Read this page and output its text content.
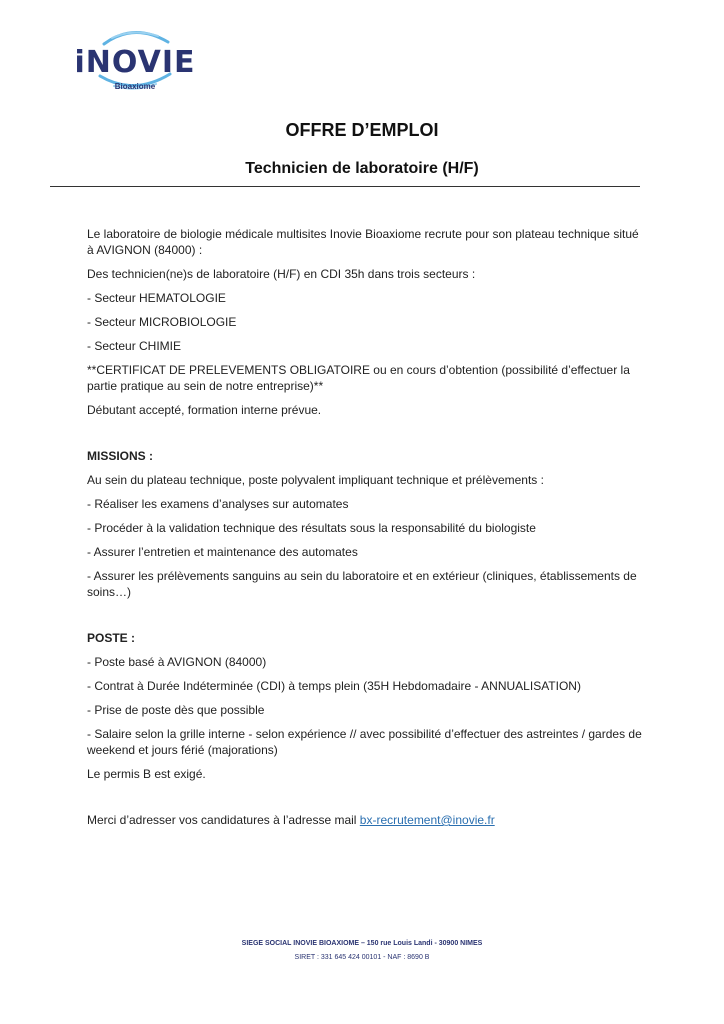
iNOVIE
Bioaxiome
OFFRE D’EMPLOI
Technicien de laboratoire (H/F)

Le laboratoire de biologie médicale multisites Inovie Bioaxiome recrute pour son plateau technique situé à AVIGNON (84000) :

Des technicien(ne)s de laboratoire (H/F) en CDI 35h dans trois secteurs :

- Secteur HEMATOLOGIE

- Secteur MICROBIOLOGIE

- Secteur CHIMIE

**CERTIFICAT DE PRELEVEMENTS OBLIGATOIRE ou en cours d’obtention (possibilité d’effectuer la partie pratique au sein de notre entreprise)**

Débutant accepté, formation interne prévue.

MISSIONS :

Au sein du plateau technique, poste polyvalent impliquant technique et prélèvements :

- Réaliser les examens d’analyses sur automates

- Procéder à la validation technique des résultats sous la responsabilité du biologiste

- Assurer l’entretien et maintenance des automates

- Assurer les prélèvements sanguins au sein du laboratoire et en extérieur (cliniques, établissements de soins…)

POSTE :

- Poste basé à AVIGNON (84000)

- Contrat à Durée Indéterminée (CDI) à temps plein (35H Hebdomadaire - ANNUALISATION)

- Prise de poste dès que possible

- Salaire selon la grille interne - selon expérience // avec possibilité d’effectuer des astreintes / gardes de weekend et jours férié (majorations)

Le permis B est exigé.

Merci d’adresser vos candidatures à l’adresse mail bx-recrutement@inovie.fr

SIEGE SOCIAL INOVIE BIOAXIOME – 150 rue Louis Landi - 30900 NIMES
SIRET : 331 645 424 00101 - NAF : 8690 B
